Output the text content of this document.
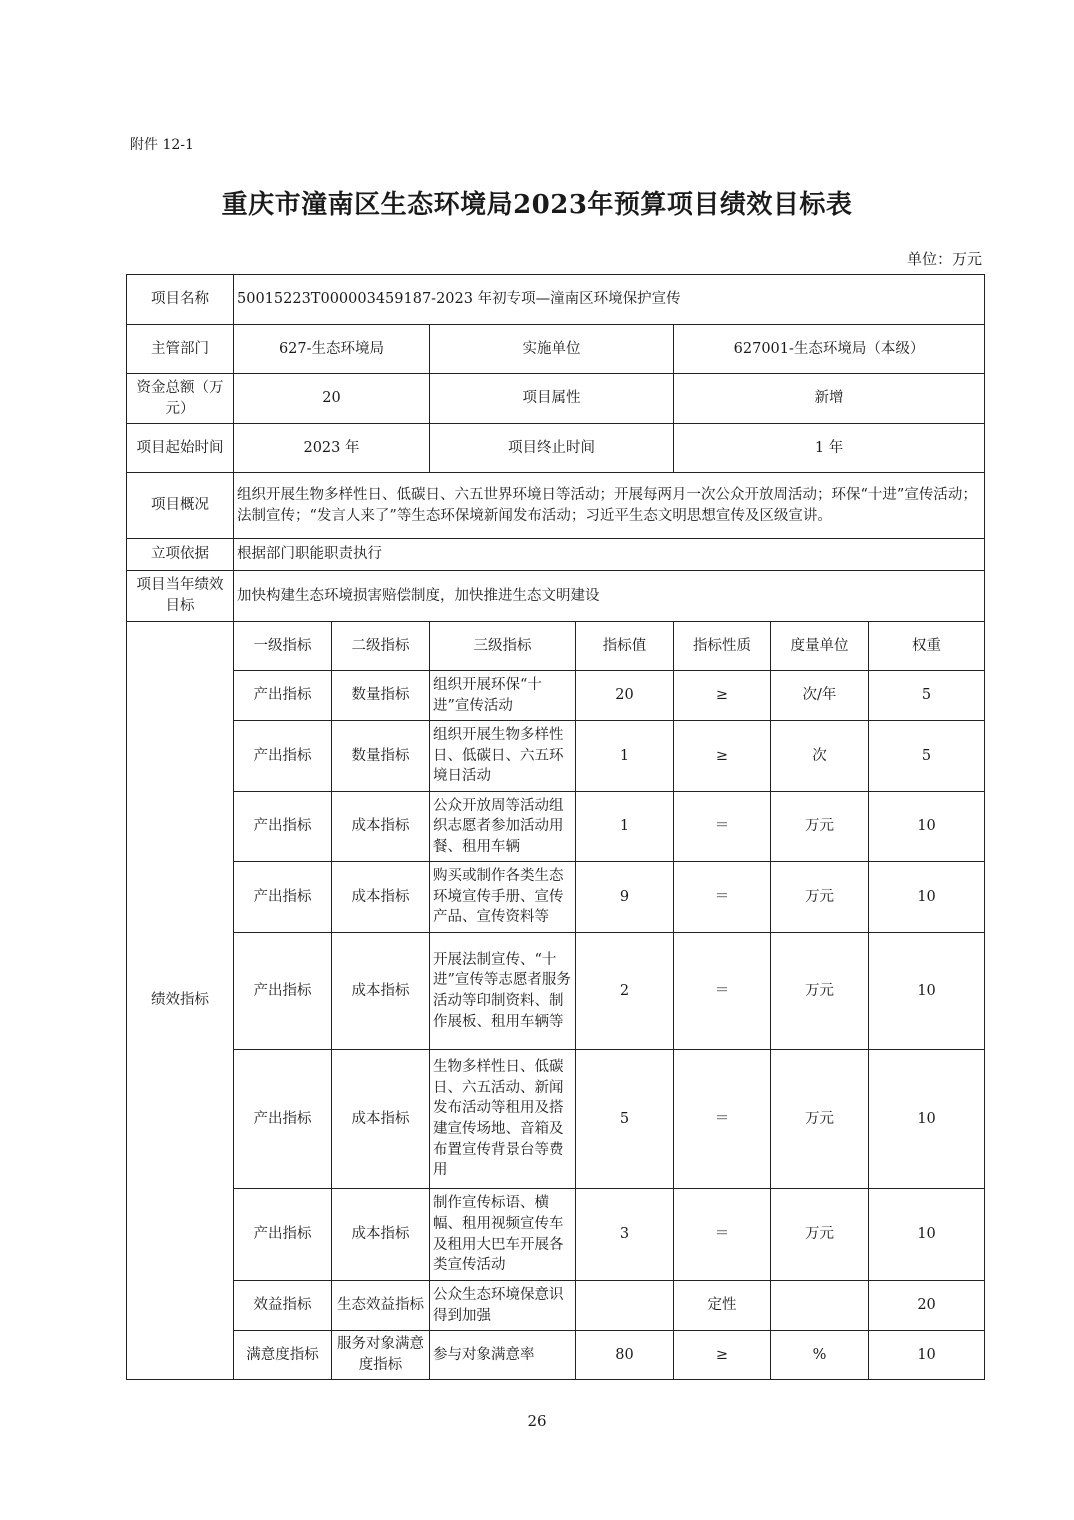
附件 12-1
重庆市潼南区生态环境局2023年预算项目绩效目标表
单位：万元
项目名称	50015223T000003459187-2023 年初专项—潼南区环境保护宣传						
主管部门	627-生态环境局		实施单位		627001-生态环境局（本级）		
资金总额（万元）	20		项目属性		新增		
项目起始时间	2023 年		项目终止时间		1 年		
项目概况	组织开展生物多样性日、低碳日、六五世界环境日等活动；开展每两月一次公众开放周活动；环保“十进”宣传活动；法制宣传；“发言人来了”等生态环保境新闻发布活动；习近平生态文明思想宣传及区级宣讲。						
立项依据	根据部门职能职责执行						
项目当年绩效目标	加快构建生态环境损害赔偿制度，加快推进生态文明建设						
绩效指标	一级指标	二级指标	三级指标	指标值	指标性质	度量单位	权重
	产出指标	数量指标	组织开展环保“十进”宣传活动	20	≥	次/年	5
	产出指标	数量指标	组织开展生物多样性日、低碳日、六五环境日活动	1	≥	次	5
	产出指标	成本指标	公众开放周等活动组织志愿者参加活动用餐、租用车辆	1	＝	万元	10
	产出指标	成本指标	购买或制作各类生态环境宣传手册、宣传产品、宣传资料等	9	＝	万元	10
	产出指标	成本指标	开展法制宣传、“十进”宣传等志愿者服务活动等印制资料、制作展板、租用车辆等	2	＝	万元	10
	产出指标	成本指标	生物多样性日、低碳日、六五活动、新闻发布活动等租用及搭建宣传场地、音箱及布置宣传背景台等费用	5	＝	万元	10
	产出指标	成本指标	制作宣传标语、横幅、租用视频宣传车及租用大巴车开展各类宣传活动	3	＝	万元	10
	效益指标	生态效益指标	公众生态环境保意识得到加强		定性		20
	满意度指标	服务对象满意度指标	参与对象满意率	80	≥	%	10
26
